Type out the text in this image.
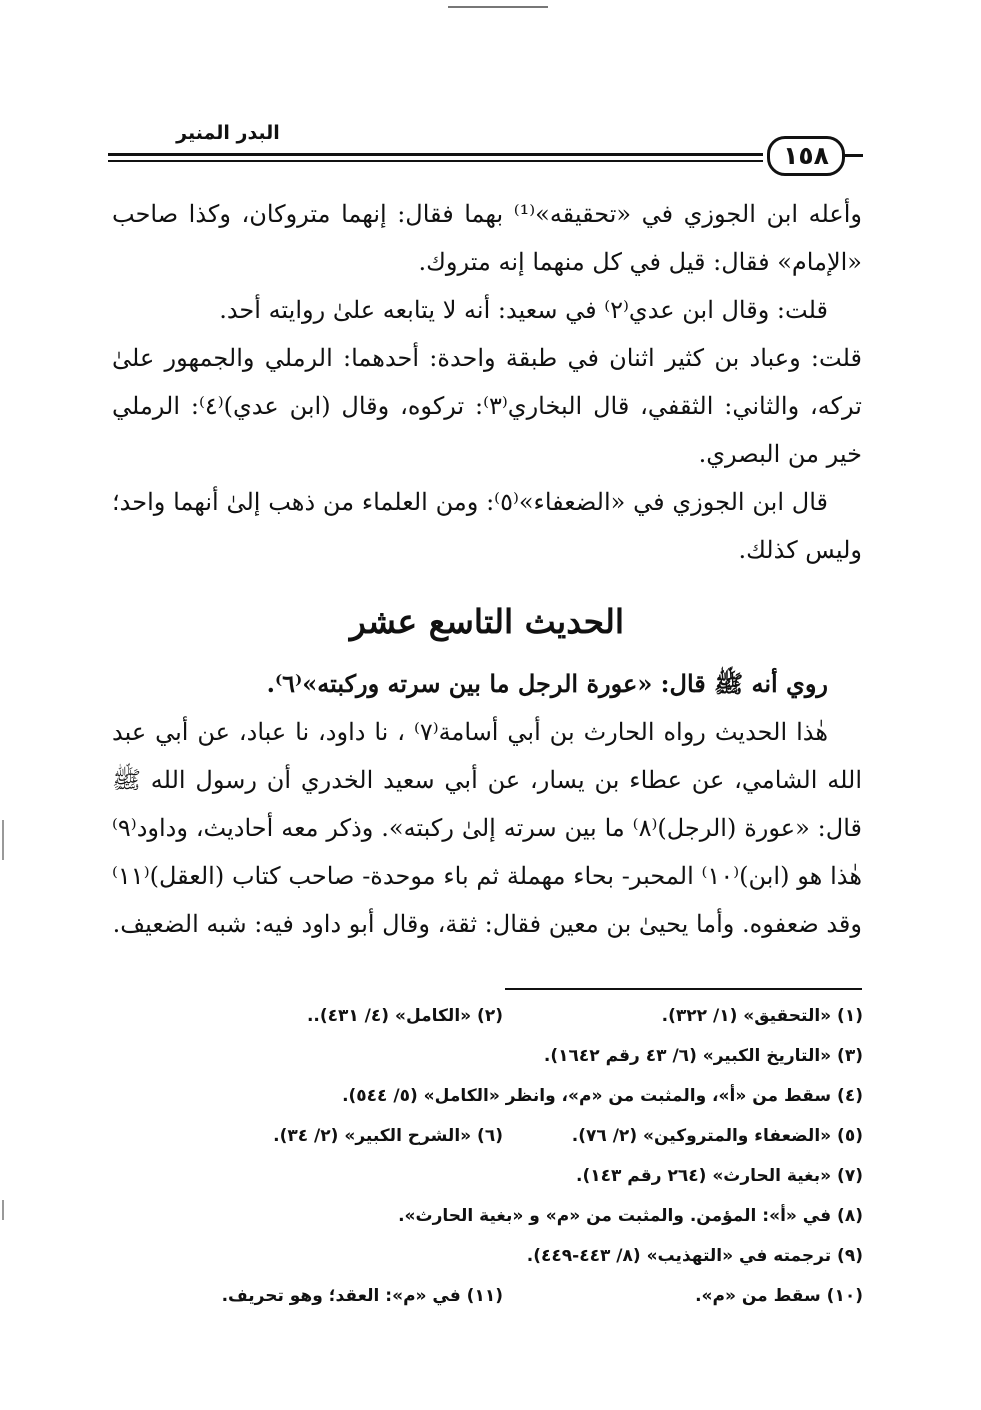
البدر المنير
١٥٨

وأعله ابن الجوزي في «تحقيقه»⁽¹⁾ بهما فقال: إنهما متروكان، وكذا صاحب «الإمام» فقال: قيل في كل منهما إنه متروك.

قلت: وقال ابن عدي⁽٢⁾ في سعيد: أنه لا يتابعه علىٰ روايته أحد.

قلت: وعباد بن كثير اثنان في طبقة واحدة: أحدهما: الرملي والجمهور علىٰ تركه، والثاني: الثقفي، قال البخاري⁽٣⁾: تركوه، وقال (ابن عدي)⁽٤⁾: الرملي خير من البصري.

قال ابن الجوزي في «الضعفاء»⁽٥⁾: ومن العلماء من ذهب إلىٰ أنهما واحد؛ وليس كذلك.

الحديث التاسع عشر

روي أنه ﷺ قال: «عورة الرجل ما بين سرته وركبته»⁽٦⁾.

هٰذا الحديث رواه الحارث بن أبي أسامة⁽٧⁾ ، نا داود، نا عباد، عن أبي عبد الله الشامي، عن عطاء بن يسار، عن أبي سعيد الخدري أن رسول الله ﷺ قال: «عورة (الرجل)⁽٨⁾ ما بين سرته إلىٰ ركبته». وذكر معه أحاديث، وداود⁽٩⁾ هٰذا هو (ابن)⁽١٠⁾ المحبر- بحاء مهملة ثم باء موحدة- صاحب كتاب (العقل)⁽١١⁾ وقد ضعفوه. وأما يحيىٰ بن معين فقال: ثقة، وقال أبو داود فيه: شبه الضعيف.

(١) «التحقيق» (١/ ٣٢٢).
(٢) «الكامل» (٤/ ٤٣١)..
(٣) «التاريخ الكبير» (٦/ ٤٣ رقم ١٦٤٢).
(٤) سقط من «أ»، والمثبت من «م»، وانظر «الكامل» (٥/ ٥٤٤).
(٥) «الضعفاء والمتروكين» (٢/ ٧٦).
(٦) «الشرح الكبير» (٢/ ٣٤).
(٧) «بغية الحارث» (٢٦٤ رقم ١٤٣).
(٨) في «أ»: المؤمن. والمثبت من «م» و «بغية الحارث».
(٩) ترجمته في «التهذيب» (٨/ ٤٤٣-٤٤٩).
(١٠) سقط من «م».
(١١) في «م»: العقد؛ وهو تحريف.
